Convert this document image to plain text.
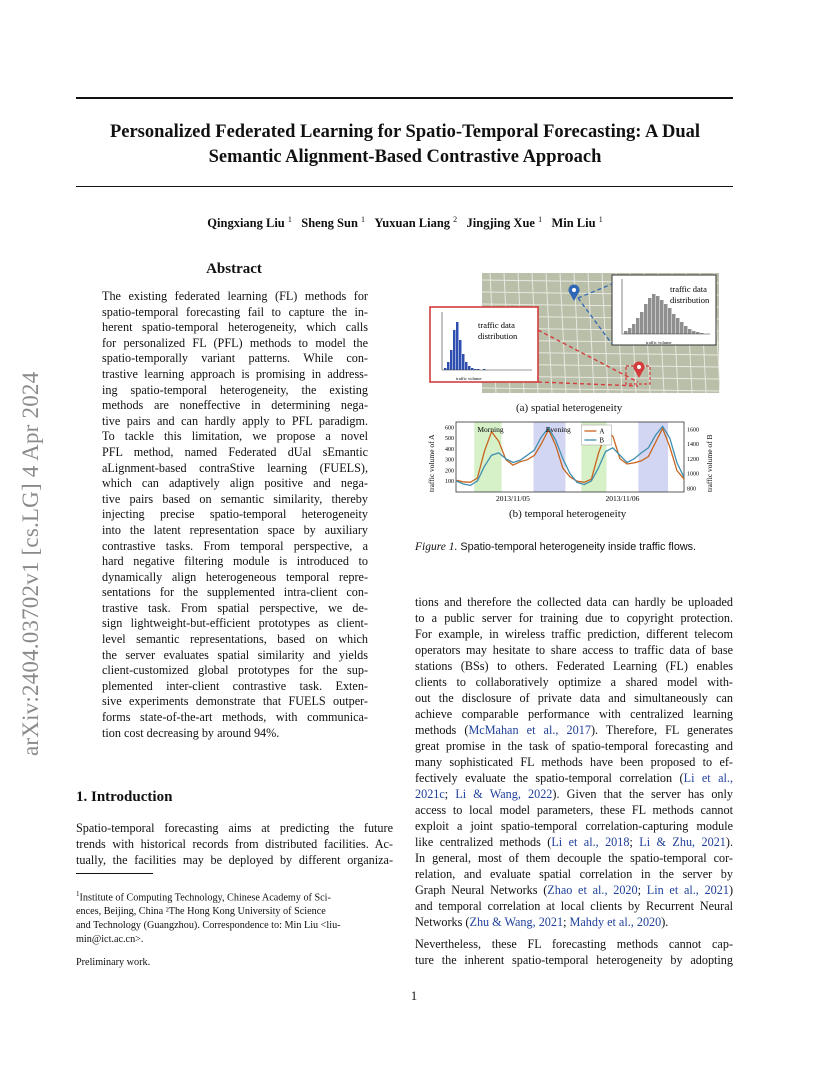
arXiv:2404.03702v1 [cs.LG] 4 Apr 2024
Personalized Federated Learning for Spatio-Temporal Forecasting: A Dual
Semantic Alignment-Based Contrastive Approach
Qingxiang Liu $^1$ Sheng Sun $^1$ Yuxuan Liang $^2$ Jingjing Xue $^1$ Min Liu $^1$
Abstract
The existing federated learning (FL) methods for
spatio-temporal forecasting fail to capture the in-
herent spatio-temporal heterogeneity, which calls
for personalized FL (PFL) methods to model the
spatio-temporally variant patterns. While con-
trastive learning approach is promising in address-
ing spatio-temporal heterogeneity, the existing
methods are noneffective in determining nega-
tive pairs and can hardly apply to PFL paradigm.
To tackle this limitation, we propose a novel
PFL method, named Federated dUal sEmantic
aLignment-based contraStive learning (FUELS),
which can adaptively align positive and nega-
tive pairs based on semantic similarity, thereby
injecting precise spatio-temporal heterogeneity
into the latent representation space by auxiliary
contrastive tasks. From temporal perspective, a
hard negative filtering module is introduced to
dynamically align heterogeneous temporal repre-
sentations for the supplemented intra-client con-
trastive task. From spatial perspective, we de-
sign lightweight-but-efficient prototypes as client-
level semantic representations, based on which
the server evaluates spatial similarity and yields
client-customized global prototypes for the sup-
plemented inter-client contrastive task. Exten-
sive experiments demonstrate that FUELS outper-
forms state-of-the-art methods, with communica-
tion cost decreasing by around 94%.
traffic data
distribution
traffic volume
traffic data
distribution
traffic volume
100
200
300
400
500
600
800
1000
1200
1400
1600
2013/11/05	2013/11/06
traffic volume of A	traffic volume of B
Morning	Evening	A
B
(a) spatial heterogeneity
(b) temporal heterogeneity
Figure 1. Spatio-temporal heterogeneity inside traffic flows.
1. Introduction
Spatio-temporal forecasting aims at predicting the future
trends with historical records from distributed facilities. Ac-
tually, the facilities may be deployed by different organiza-
$^1$Institute of Computing Technology, Chinese Academy of Sci-
ences, Beijing, China ²The Hong Kong University of Science
and Technology (Guangzhou). Correspondence to: Min Liu <liu-
min@ict.ac.cn>.
Preliminary work.
tions and therefore the collected data can hardly be uploaded
to a public server for training due to copyright protection.
For example, in wireless traffic prediction, different telecom
operators may hesitate to share access to traffic data of base
stations (BSs) to others. Federated Learning (FL) enables
clients to collaboratively optimize a shared model with-
out the disclosure of private data and simultaneously can
achieve comparable performance with centralized learning
methods (McMahan et al., 2017). Therefore, FL generates
great promise in the task of spatio-temporal forecasting and
many sophisticated FL methods have been proposed to ef-
fectively evaluate the spatio-temporal correlation (Li et al.,
2021c; Li & Wang, 2022). Given that the server has only
access to local model parameters, these FL methods cannot
exploit a joint spatio-temporal correlation-capturing module
like centralized methods (Li et al., 2018; Li & Zhu, 2021).
In general, most of them decouple the spatio-temporal cor-
relation, and evaluate spatial correlation in the server by
Graph Neural Networks (Zhao et al., 2020; Lin et al., 2021)
and temporal correlation at local clients by Recurrent Neural
Networks (Zhu & Wang, 2021; Mahdy et al., 2020).
Nevertheless, these FL forecasting methods cannot cap-
ture the inherent spatio-temporal heterogeneity by adopting
1
